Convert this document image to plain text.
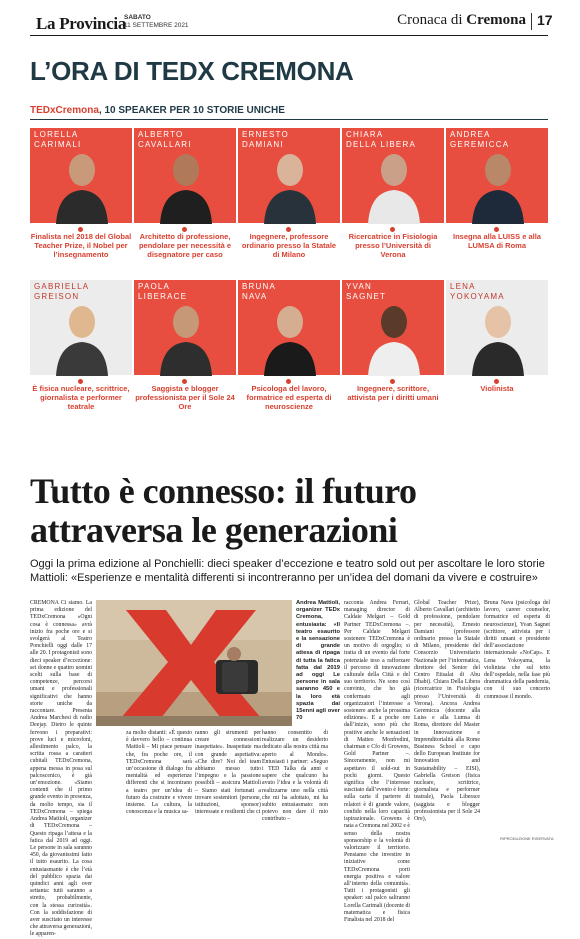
La Provincia
SABATO
11 SETTEMBRE 2021	Cronaca di Cremona 17
L’ORA DI TEDX CREMONA
TEDxCremona, 10 SPEAKER PER 10 STORIE UNICHE
LORELLA
CARIMALI
Finalista nel 2018 del Global Teacher Prize, il Nobel per l’insegnamento
ALBERTO
CAVALLARI
Architetto di professione, pendolare per necessità e disegnatore per caso
ERNESTO
DAMIANI
Ingegnere, professore ordinario presso la Statale di Milano
CHIARA
DELLA LIBERA
Ricercatrice in Fisiologia presso l’Università di Verona
ANDREA
GEREMICCA
Insegna alla LUISS e alla LUMSA di Roma
GABRIELLA
GREISON
È fisica nucleare, scrittrice, giornalista e performer teatrale
PAOLA
LIBERACE
Saggista e blogger professionista per il Sole 24 Ore
BRUNA
NAVA
Psicologa del lavoro, formatrice ed esperta di neuroscienze
YVAN
SAGNET
Ingegnere, scrittore, attivista per i diritti umani
LENA
YOKOYAMA
Violinista
Tutto è connesso: il futuro attraversa le generazioni
Oggi la prima edizione al Ponchielli: dieci speaker d’eccezione e teatro sold out per ascoltare le loro storie Mattioli: «Esperienze e mentalità differenti si incontreranno per un’idea del domani da vivere e costruire»
CREMONA Ci siamo. La prima edizione del TEDxCremona «Ogni cosa è connessa» avrà inizio fra poche ore e si svolgerà al Teatro Ponchielli oggi dalle 17 alle 20. I protagonisti sono dieci speaker d’eccezione: sei donne e quattro uomini scelti sulla base di competenze, percorsi umani e professionali significativi che hanno storie uniche da raccontare. Presenta Andrea Marchesi di radio Deejay. Dietro le quinte fervono i preparativi: prove luci e microfoni, allestimento palco, la scritta rossa a caratteri cubitali TEDxCremona, appena messa in posa sul palcoscenico, è già un’emozione. «Siamo contenti che il primo grande evento in presenza, da molto tempo, sia il TEDxCremona – spiega Andrea Mattioli, organizer di TEDxCremona – Questo ripaga l’attesa e la fatica dal 2019 ad oggi. Le persone in sala saranno 450, da giovanissimi fatto il tutto esaurito. La cosa entusiasmante è che l’età del pubblico spazia dai quindici anni agli over settanta: tutti saranno a stretto, probabilmente, con la stessa curiosità». Con la soddisfazione di aver suscitato un interesse che attraversa generazioni, le apparen-
za molto distanti: «È questo è davvero bello – continua Mattioli – Mi piace pensare che, fra poche ore, il TEDxCremona sarà un’occasione di dialogo fra mentalità ed esperienze differenti che si incontrano a teatro per un’idea di futuro da costruire e vivere insieme. La cultura, la conoscenza e la musica sa-
ranno gli strumenti per creare connessioni inaspettate». Inaspettate ma con grande aspettativa: «Che dire? Noi del team abbiamo messo tutto l’impegno e la passione possibili – assicura Mattioli – Siamo stati fortunati a trovare sostenitori (persone, istituzioni, sponsor) interessate e resilienti che ci
hanno consentito di realizzare un desiderio dedicato alla nostra città ma aperto al Mondo». Entusiasti i partner: «Seguo i TED Talks da anni e sapere che qualcuno ha avuto l’idea e la volontà di realizzarne uno nella città che mi ha adottato, mi ha subito entusiasmato: non potevo non dare il mio contributo –
Andrea Mattioli, organizer TEDx Cremona, entusiasta: «Il teatro esaurito e la sensazione di grande attesa di ripaga di tutta la fatica fatta dal 2019 ad oggi Le persone in sala saranno 450 e la loro età spazia dai 15enni agli over 70
racconta Andrea Ferrari, managing director di Caldaie Melgari – Gold Partner TEDxCremona –. Per Caldaie Melgari sostenere TEDxCremona è un motivo di orgoglio; si tratta di un evento dal forte potenziale teso a rafforzare il percorso di innovazione culturale della Città e del suo territorio. Ne sono così convinto, che ho già confermato agli organizzatori l’interesse a sostenere anche la prossima edizione». E a poche ore dall’inizio, sono più che positive anche le sensazioni di Matteo Monfredini, chairman e Cfo di Growens, Gold Partner –. Sinceramente, non mi aspettavo il sold-out in pochi giorni. Questo significa che l’interesse suscitato dall’evento è forte: sulla carta il parterre di relatori è di grande valore, confido nella loro capacità ispirazionale. Growens è nata a Cremona nel 2002 e è senso della nostra sponsorship e la volontà di valorizzare il territorio. Pensiamo che investire in iniziative come TEDxCremona porti energia positiva e valore all’interno della comunità». Tutti i protagonisti gli speaker: sul palco saliranno Lorella Carimali (docente di matematica e fisica Finalista nel 2018 del
Global Teacher Prize), Alberto Cavallari (architetto di professione, pendolare per necessità), Ernesto Damiani (professore ordinario presso la Statale di Milano, presidente del Consorzio Universitario Nazionale per l’informatica, direttore del Senior del Centro Etisalat di Abu Dhabi). Chiara Della Libera (ricercatrice in Fisiologia presso l’Università di Verona). Ancora Andrea Geremicca (docente alla Luiss e alla Lumsa di Roma, direttore del Master in Innovazione e Imprenditorialità alla Rome Business School e capo dello European Institute for Innovation and Sustainability – EISI), Gabriella Greison (fisica nucleare, scrittrice, giornalista e performer teatrale), Paola Liberace (saggista e blogger professionista per il Sole 24 Ore),
Bruna Nava (psicologa del lavoro, career counselor, formatrice ed esperta di neuroscienze), Yvan Sagnet (scrittore, attivista per i diritti umani e presidente dell’associazione internazionale «NoCap». E Lena Yokoyama, la violinista che sul tetto dell’ospedale, nella fase più drammatica della pandemia, con il suo concerto commosse il mondo.
RIPRODUZIONE RISERVATA
